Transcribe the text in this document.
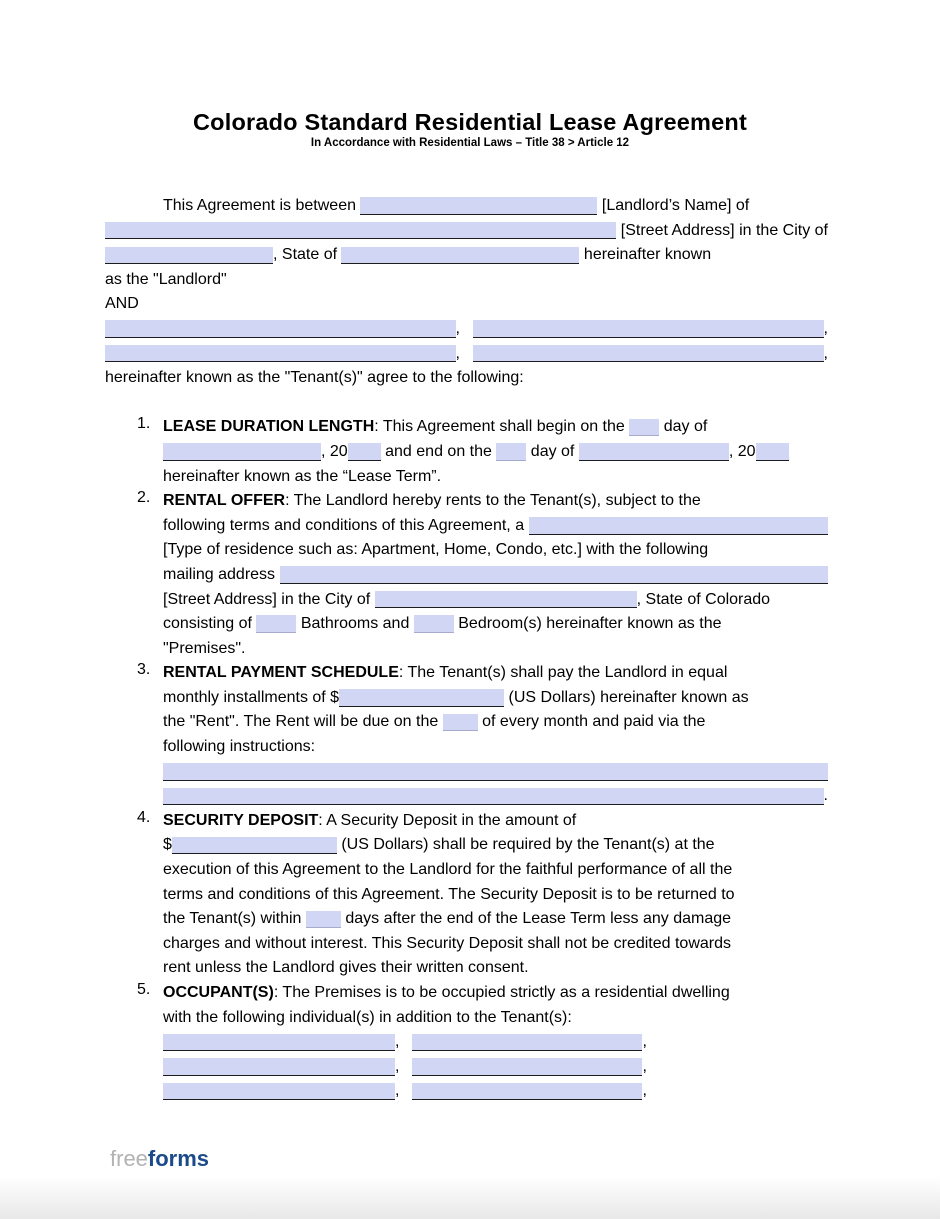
Colorado Standard Residential Lease Agreement
In Accordance with Residential Laws – Title 38 > Article 12
This Agreement is between	[Landlord’s Name] of
[Street Address] in the City of
, State of	hereinafter known
as the "Landlord"
AND
,	,
,	,
hereinafter known as the "Tenant(s)" agree to the following:
1. LEASE DURATION LENGTH : This Agreement shall begin on the day of
, 20 and end on the day of	, 20
hereinafter known as the “Lease Term”.
2. RENTAL OFFER : The Landlord hereby rents to the Tenant(s), subject to the
following terms and conditions of this Agreement, a
[Type of residence such as: Apartment, Home, Condo, etc.] with the following
mailing address
[Street Address] in the City of	, State of Colorado
consisting of	Bathrooms and	Bedroom(s) hereinafter known as the
"Premises".
3. RENTAL PAYMENT SCHEDULE : The Tenant(s) shall pay the Landlord in equal
monthly installments of $	(US Dollars) hereinafter known as
the "Rent". The Rent will be due on the of every month and paid via the
following instructions:
.
4. SECURITY DEPOSIT : A Security Deposit in the amount of
$	(US Dollars) shall be required by the Tenant(s) at the
execution of this Agreement to the Landlord for the faithful performance of all the
terms and conditions of this Agreement. The Security Deposit is to be returned to
the Tenant(s) within days after the end of the Lease Term less any damage
charges and without interest. This Security Deposit shall not be credited towards
rent unless the Landlord gives their written consent.
5. OCCUPANT(S) : The Premises is to be occupied strictly as a residential dwelling
with the following individual(s) in addition to the Tenant(s):
,	,
,	,
,	,
freeforms
